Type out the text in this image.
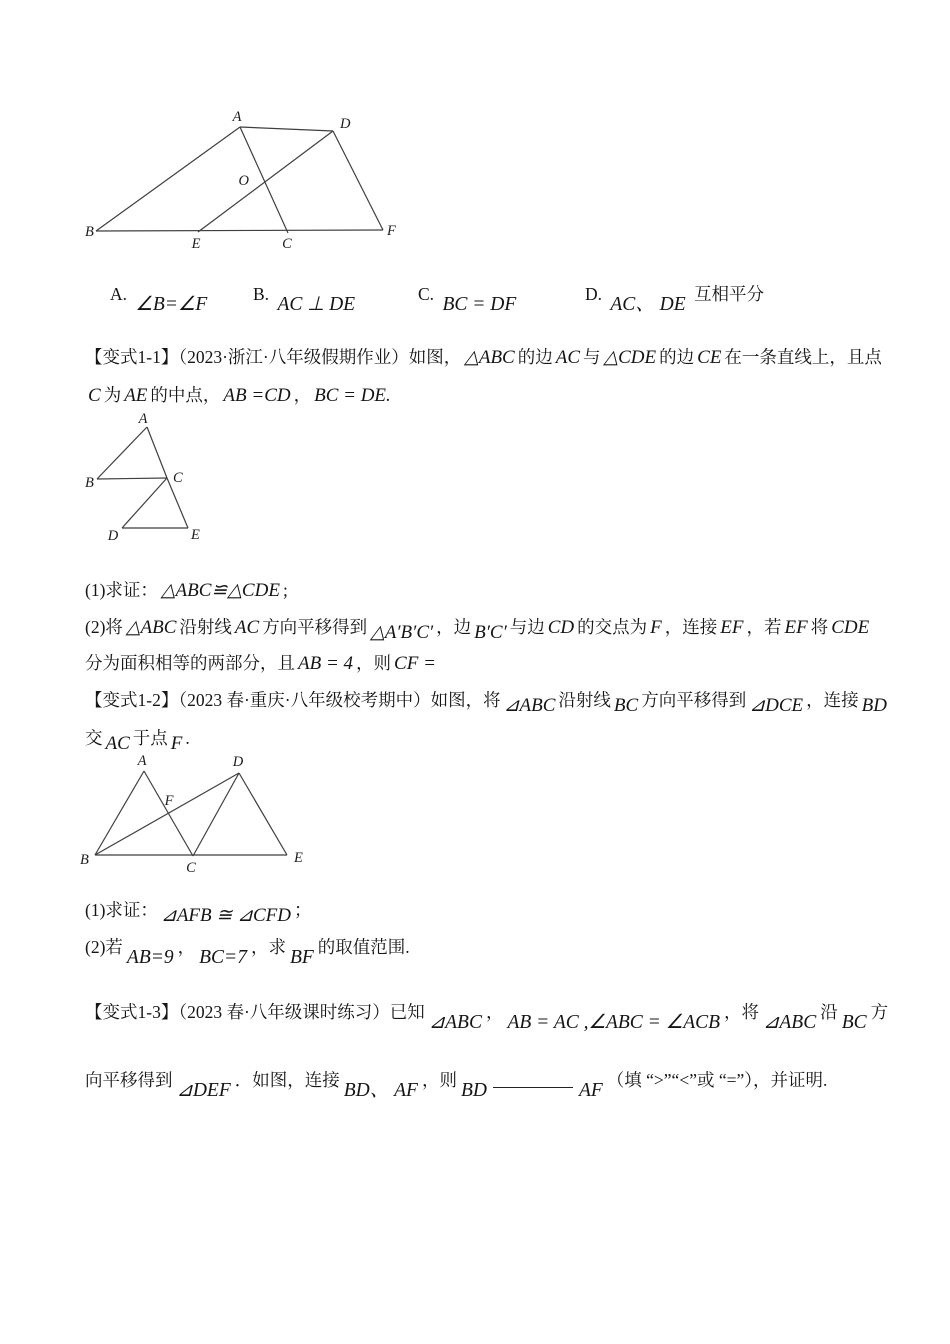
A	D
B
E	C
F
O
A. ∠B=∠F	B. AC ⊥ DE	C. BC = DF	D. AC、 DE 互相平分
【变式1-1】（2023·浙江·八年级假期作业）如图， △ABC 的边 AC 与 △CDE 的边 CE 在一条直线上，且点
C 为 AE 的中点， AB =CD ， BC = DE.
A
B	C
D	E
(1)求证： △ABC≌△CDE ;
(2)将 △ABC 沿射线 AC 方向平移得到 △A′B′C′ ，边 B′C′ 与边 CD 的交点为 F ，连接 EF ，若 EF 将 CDE
分为面积相等的两部分，且 AB = 4 ，则 CF =
【变式1-2】（2023 春·重庆·八年级校考期中）如图，将 ⊿ABC 沿射线 BC 方向平移得到 ⊿DCE ，连接 BD
交 AC 于点 F .
A	D
B	C
E
F
(1)求证： ⊿AFB ≅ ⊿CFD ；
(2)若 AB=9 ， BC=7 ，求 BF 的取值范围.
【变式1-3】（2023 春·八年级课时练习）已知 ⊿ABC ， AB = AC ,∠ABC = ∠ACB ，将 ⊿ABC 沿 BC 方
向平移得到 ⊿DEF ．如图，连接 BD、 AF ，则 BD	AF （填 “>”“<”或 “=”），并证明.
